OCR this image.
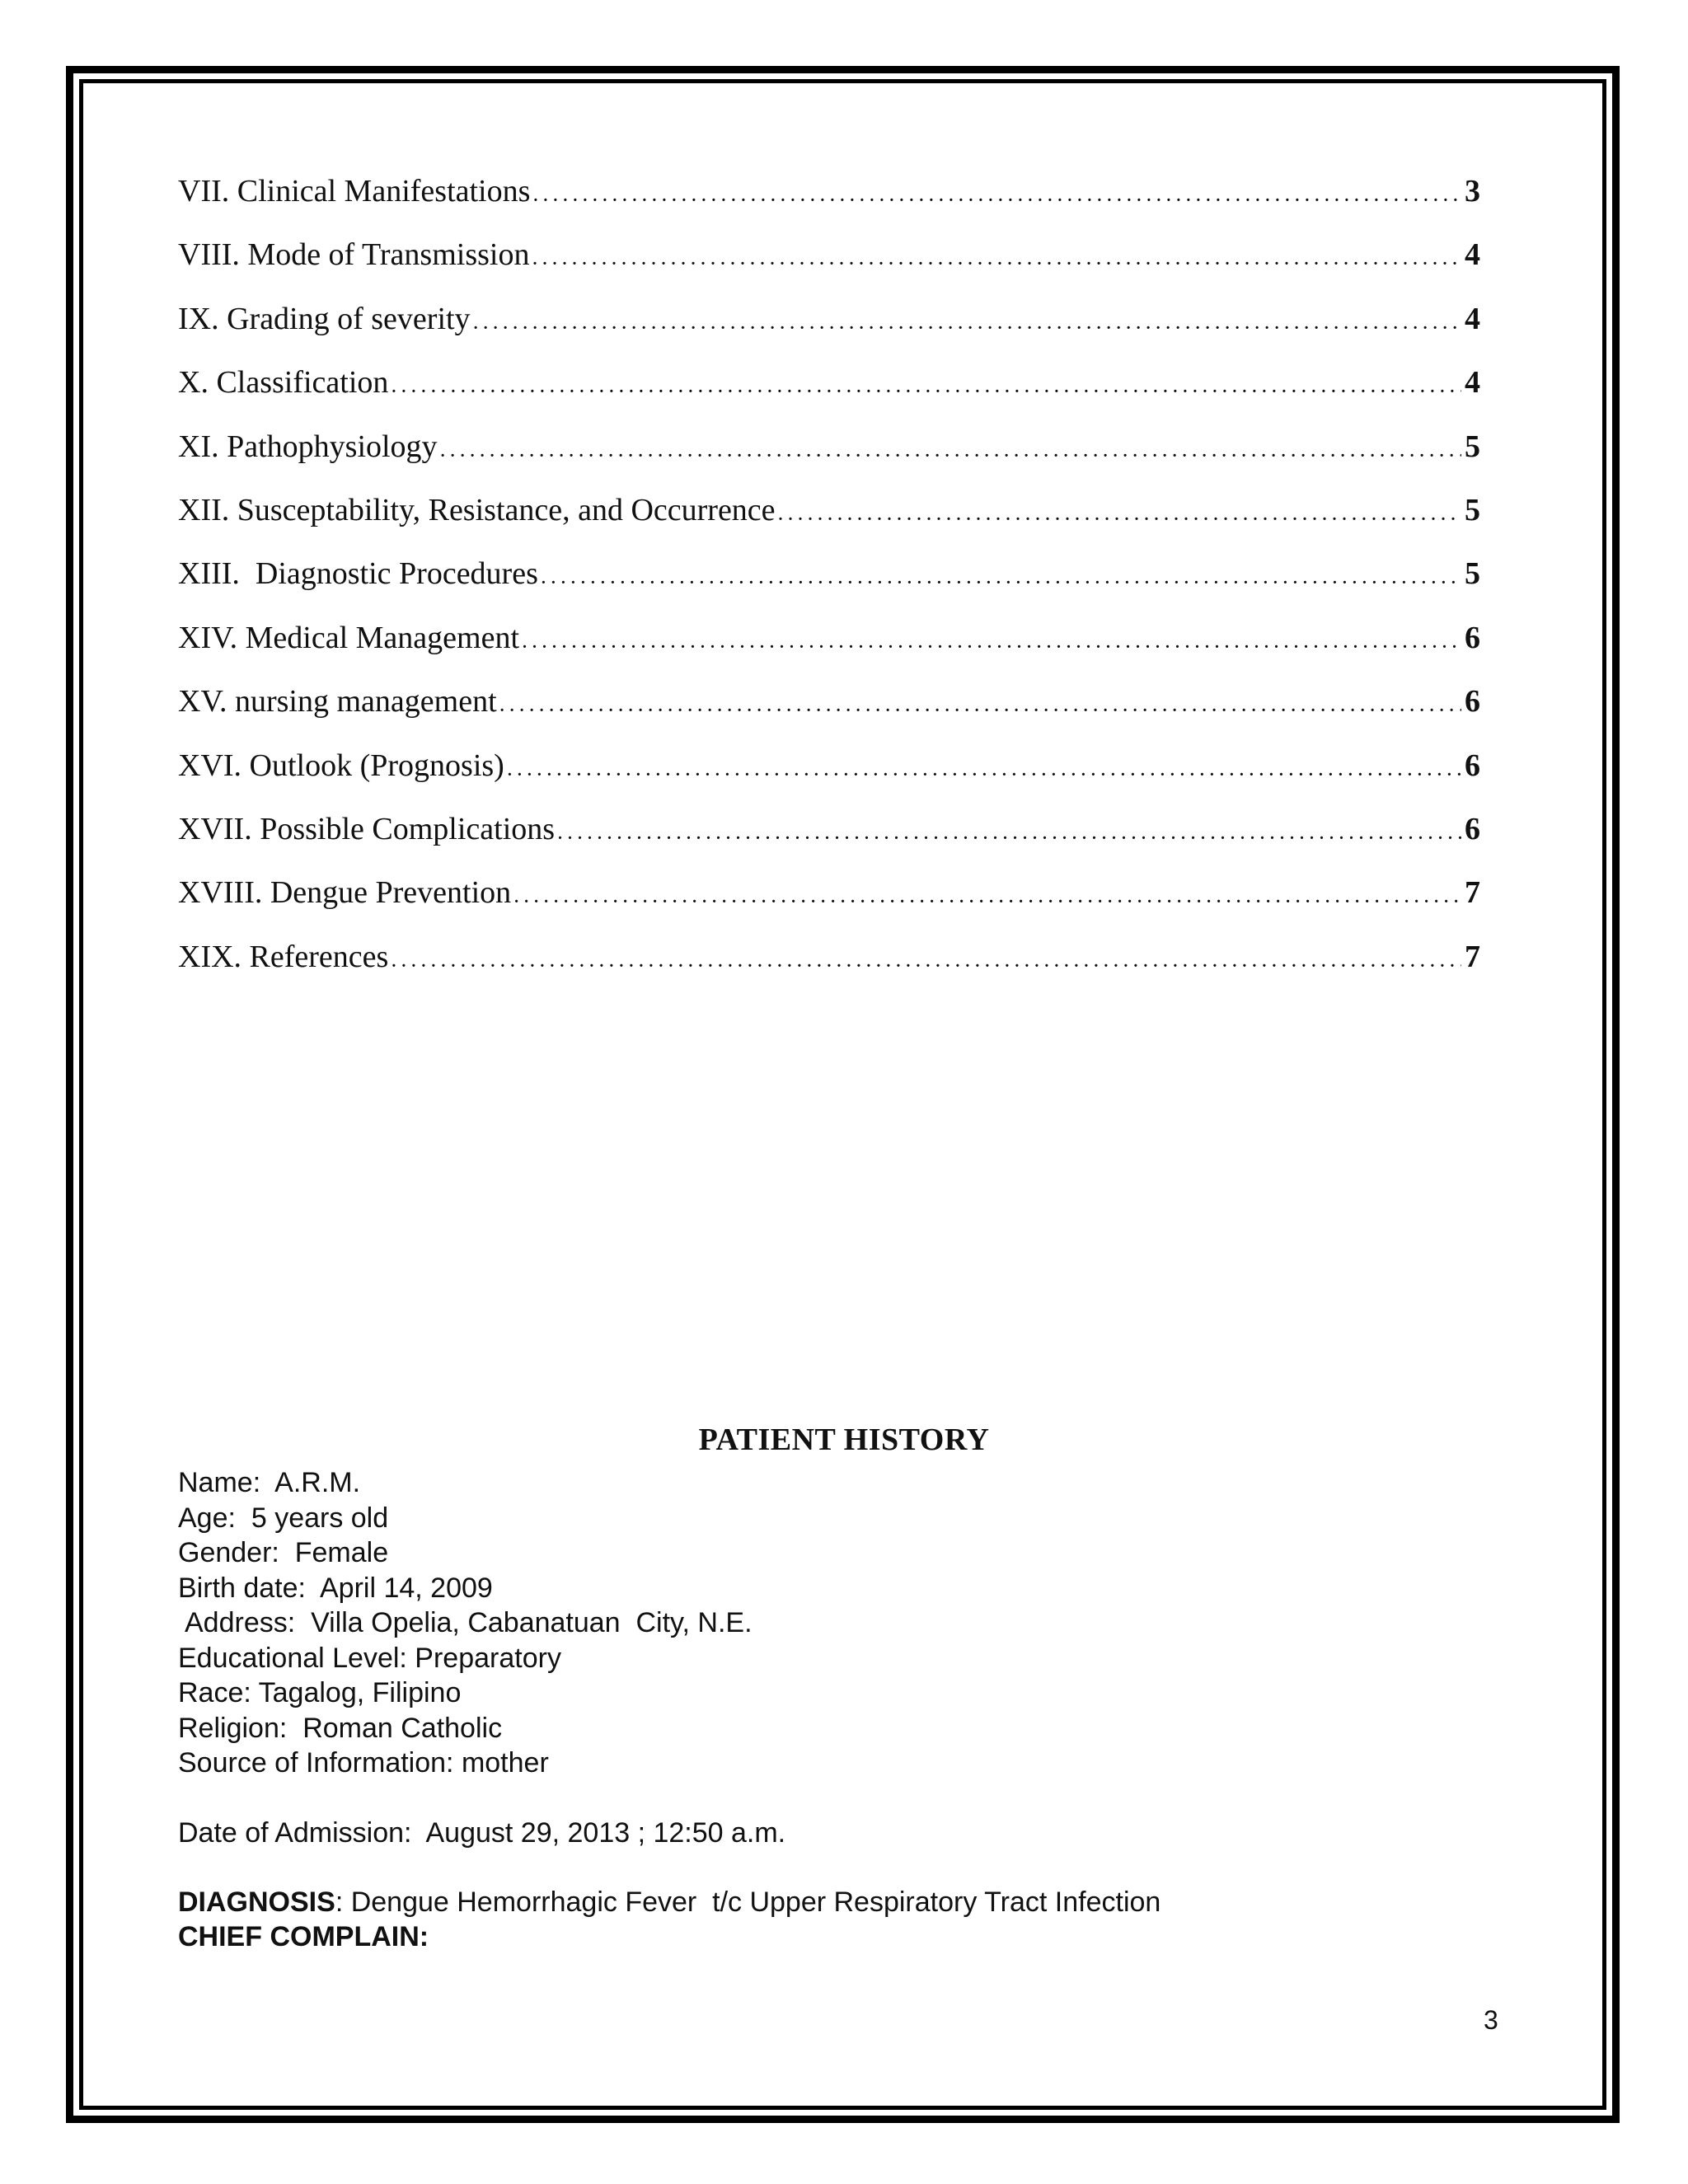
VII. Clinical Manifestations . . .	3
VIII. Mode of Transmission . . .	4
IX. Grading of severity . . .	4
X. Classification . . .	4
XI. Pathophysiology . . .	5
XII. Susceptability, Resistance, and Occurrence . . .	5
XIII.  Diagnostic Procedures . . .	5
XIV. Medical Management . . .	6
XV. nursing management . . .	6
XVI. Outlook (Prognosis) . . .	6
XVII. Possible Complications . . .	6
XVIII. Dengue Prevention . . .	7
XIX. References . . .	7
PATIENT HISTORY
Name:  A.R.M.
Age:  5 years old
Gender:  Female
Birth date:  April 14, 2009
Address:  Villa Opelia, Cabanatuan  City, N.E.
Educational Level: Preparatory
Race: Tagalog, Filipino
Religion:  Roman Catholic
Source of Information: mother
Date of Admission:  August 29, 2013 ; 12:50 a.m.
DIAGNOSIS: Dengue Hemorrhagic Fever  t/c Upper Respiratory Tract Infection
CHIEF COMPLAIN:
3
